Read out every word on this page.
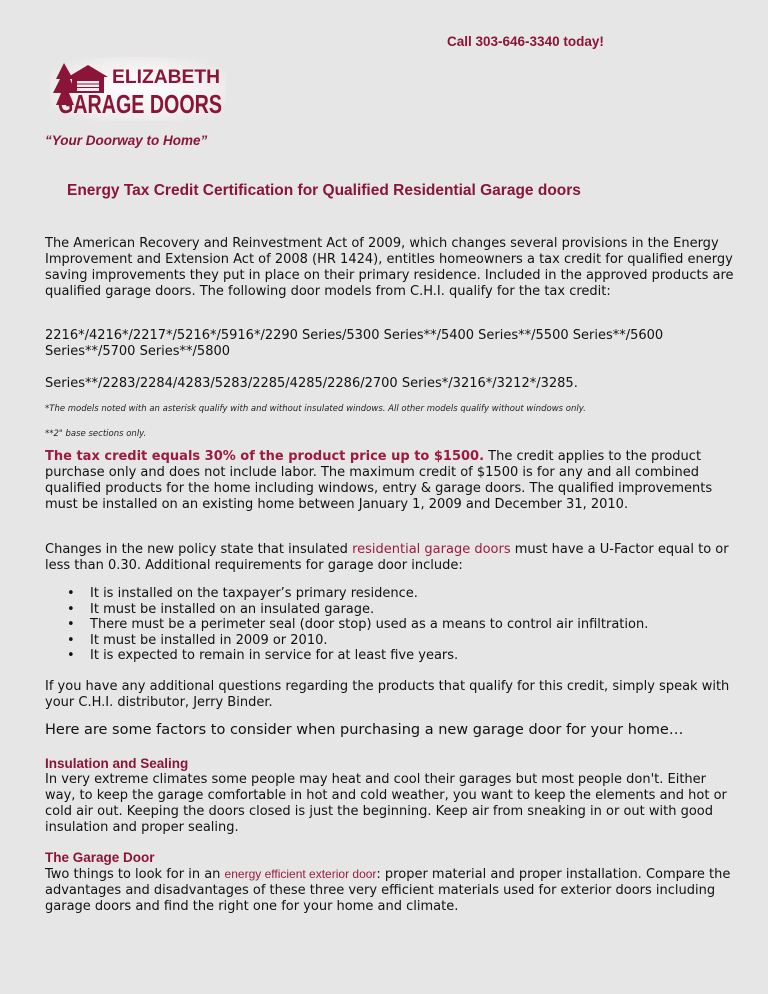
Call 303-646-3340 today!
ELIZABETH
GARAGE DOORS
“Your Doorway to Home”
Energy Tax Credit Certification for Qualified Residential Garage doors
The American Recovery and Reinvestment Act of 2009, which changes several provisions in the Energy Improvement and Extension Act of 2008 (HR 1424), entitles homeowners a tax credit for qualified energy saving improvements they put in place on their primary residence. Included in the approved products are qualified garage doors. The following door models from C.H.I. qualify for the tax credit:
2216*/4216*/2217*/5216*/5916*/2290 Series/5300 Series**/5400 Series**/5500 Series**/5600 Series**/5700 Series**/5800
Series**/2283/2284/4283/5283/2285/4285/2286/2700 Series*/3216*/3212*/3285.
*The models noted with an asterisk qualify with and without insulated windows. All other models qualify without windows only.
**2" base sections only.
The tax credit equals 30% of the product price up to $1500. The credit applies to the product purchase only and does not include labor. The maximum credit of $1500 is for any and all combined qualified products for the home including windows, entry & garage doors. The qualified improvements must be installed on an existing home between January 1, 2009 and December 31, 2010.
Changes in the new policy state that insulated residential garage doors must have a U-Factor equal to or less than 0.30. Additional requirements for garage door include:
• It is installed on the taxpayer’s primary residence.
• It must be installed on an insulated garage.
• There must be a perimeter seal (door stop) used as a means to control air infiltration.
• It must be installed in 2009 or 2010.
• It is expected to remain in service for at least five years.
If you have any additional questions regarding the products that qualify for this credit, simply speak with your C.H.I. distributor, Jerry Binder.
Here are some factors to consider when purchasing a new garage door for your home…
Insulation and Sealing
In very extreme climates some people may heat and cool their garages but most people don't. Either way, to keep the garage comfortable in hot and cold weather, you want to keep the elements and hot or cold air out. Keeping the doors closed is just the beginning. Keep air from sneaking in or out with good insulation and proper sealing.
The Garage Door
Two things to look for in an energy efficient exterior door: proper material and proper installation. Compare the advantages and disadvantages of these three very efficient materials used for exterior doors including garage doors and find the right one for your home and climate.
